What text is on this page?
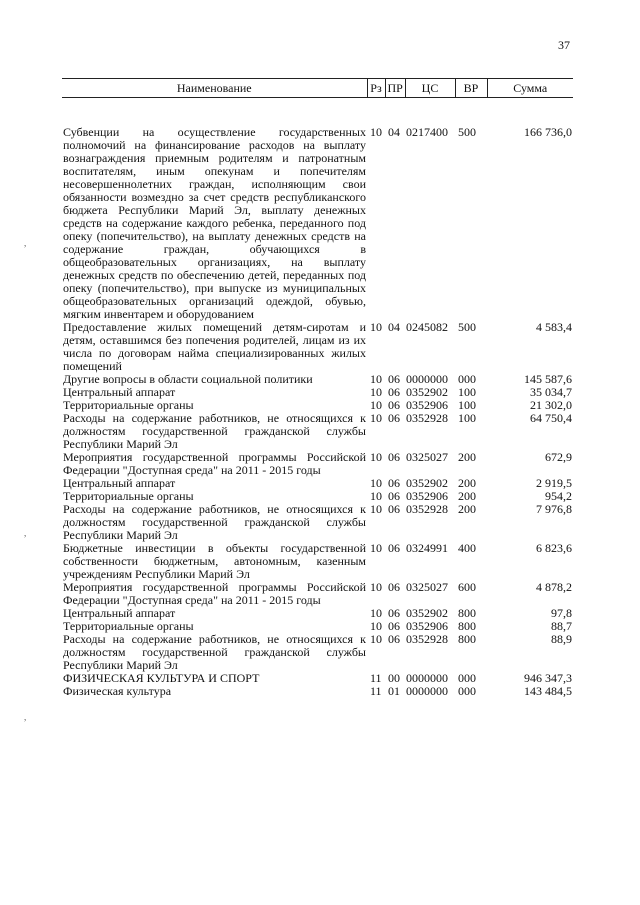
37
Наименование	Рз	ПР	ЦС	ВР	Сумма
Субвенции на осуществление государственных полномочий на финансирование расходов на выплату вознаграждения приемным родителям и патронатным воспитателям, иным опекунам и попечителям несовершеннолетних граждан, исполняющим свои обязанности возмездно за счет средств республиканского бюджета Республики Марий Эл, выплату денежных средств на содержание каждого ребенка, переданного под опеку (попечительство), на выплату денежных средств на содержание граждан, обучающихся в общеобразовательных организациях, на выплату денежных средств по обеспечению детей, переданных под опеку (попечительство), при выпуске из муниципальных общеобразовательных организаций одеждой, обувью, мягким инвентарем и оборудованием	10	04	0217400	500	166 736,0
Предоставление жилых помещений детям-сиротам и детям, оставшимся без попечения родителей, лицам из их числа по договорам найма специализированных жилых помещений	10	04	0245082	500	4 583,4
Другие вопросы в области социальной политики	10	06	0000000	000	145 587,6
Центральный аппарат	10	06	0352902	100	35 034,7
Территориальные органы	10	06	0352906	100	21 302,0
Расходы на содержание работников, не относящихся к должностям государственной гражданской службы Республики Марий Эл	10	06	0352928	100	64 750,4
Мероприятия государственной программы Российской Федерации "Доступная среда" на 2011 - 2015 годы	10	06	0325027	200	672,9
Центральный аппарат	10	06	0352902	200	2 919,5
Территориальные органы	10	06	0352906	200	954,2
Расходы на содержание работников, не относящихся к должностям государственной гражданской службы Республики Марий Эл	10	06	0352928	200	7 976,8
Бюджетные инвестиции в объекты государственной собственности бюджетным, автономным, казенным учреждениям Республики Марий Эл	10	06	0324991	400	6 823,6
Мероприятия государственной программы Российской Федерации "Доступная среда" на 2011 - 2015 годы	10	06	0325027	600	4 878,2
Центральный аппарат	10	06	0352902	800	97,8
Территориальные органы	10	06	0352906	800	88,7
Расходы на содержание работников, не относящихся к должностям государственной гражданской службы Республики Марий Эл	10	06	0352928	800	88,9
ФИЗИЧЕСКАЯ КУЛЬТУРА И СПОРТ	11	00	0000000	000	946 347,3
Физическая культура	11	01	0000000	000	143 484,5
,
,
,
